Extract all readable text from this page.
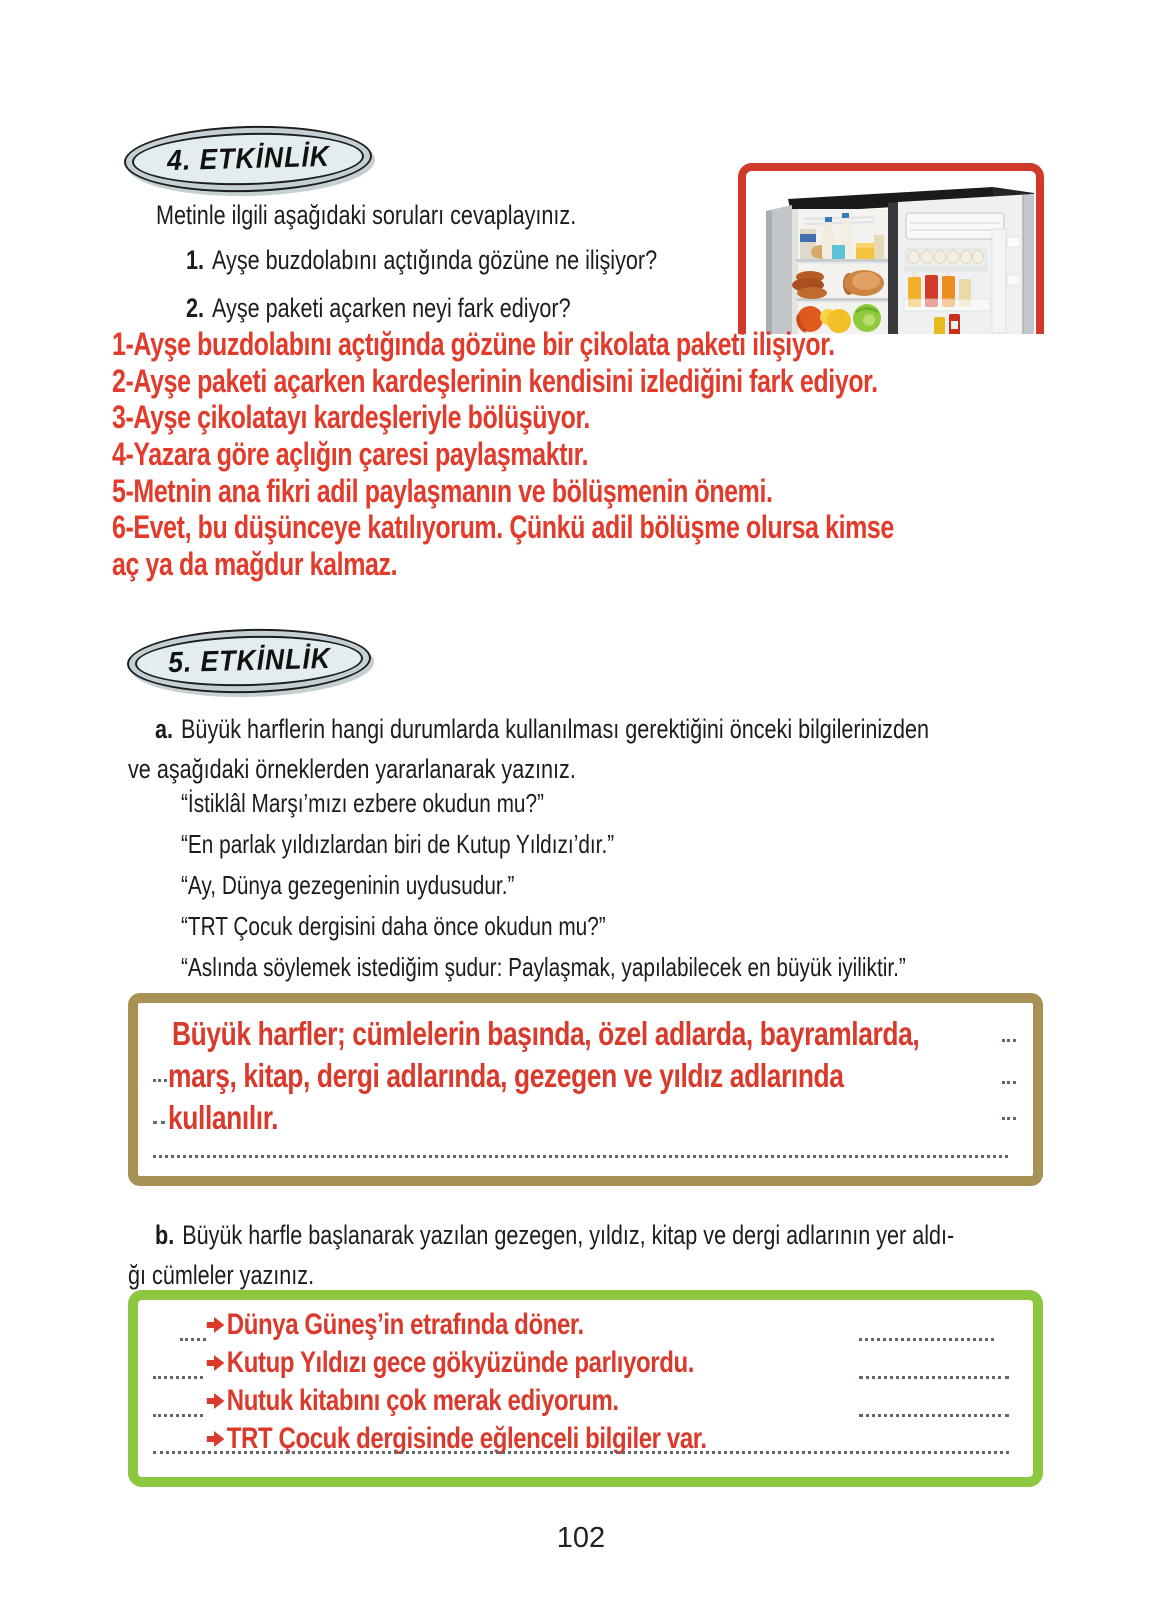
4. ETKİNLİK
Metinle ilgili aşağıdaki soruları cevaplayınız.
1. Ayşe buzdolabını açtığında gözüne ne ilişiyor?
2. Ayşe paketi açarken neyi fark ediyor?
1-Ayşe buzdolabını açtığında gözüne bir çikolata paketi ilişiyor.
2-Ayşe paketi açarken kardeşlerinin kendisini izlediğini fark ediyor.
3-Ayşe çikolatayı kardeşleriyle bölüşüyor.
4-Yazara göre açlığın çaresi paylaşmaktır.
5-Metnin ana fikri adil paylaşmanın ve bölüşmenin önemi.
6-Evet, bu düşünceye katılıyorum. Çünkü adil bölüşme olursa kimse
aç ya da mağdur kalmaz.
5. ETKİNLİK
a. Büyük harflerin hangi durumlarda kullanılması gerektiğini önceki bilgilerinizden
ve aşağıdaki örneklerden yararlanarak yazınız.
“İstiklâl Marşı’mızı ezbere okudun mu?”
“En parlak yıldızlardan biri de Kutup Yıldızı’dır.”
“Ay, Dünya gezegeninin uydusudur.”
“TRT Çocuk dergisini daha önce okudun mu?”
“Aslında söylemek istediğim şudur: Paylaşmak, yapılabilecek en büyük iyiliktir.”
Büyük harfler; cümlelerin başında, özel adlarda, bayramlarda,
marş, kitap, dergi adlarında, gezegen ve yıldız adlarında
kullanılır.
b. Büyük harfle başlanarak yazılan gezegen, yıldız, kitap ve dergi adlarının yer aldı-
ğı cümleler yazınız.
Dünya Güneş’in etrafında döner.
Kutup Yıldızı gece gökyüzünde parlıyordu.
Nutuk kitabını çok merak ediyorum.
TRT Çocuk dergisinde eğlenceli bilgiler var.
102
